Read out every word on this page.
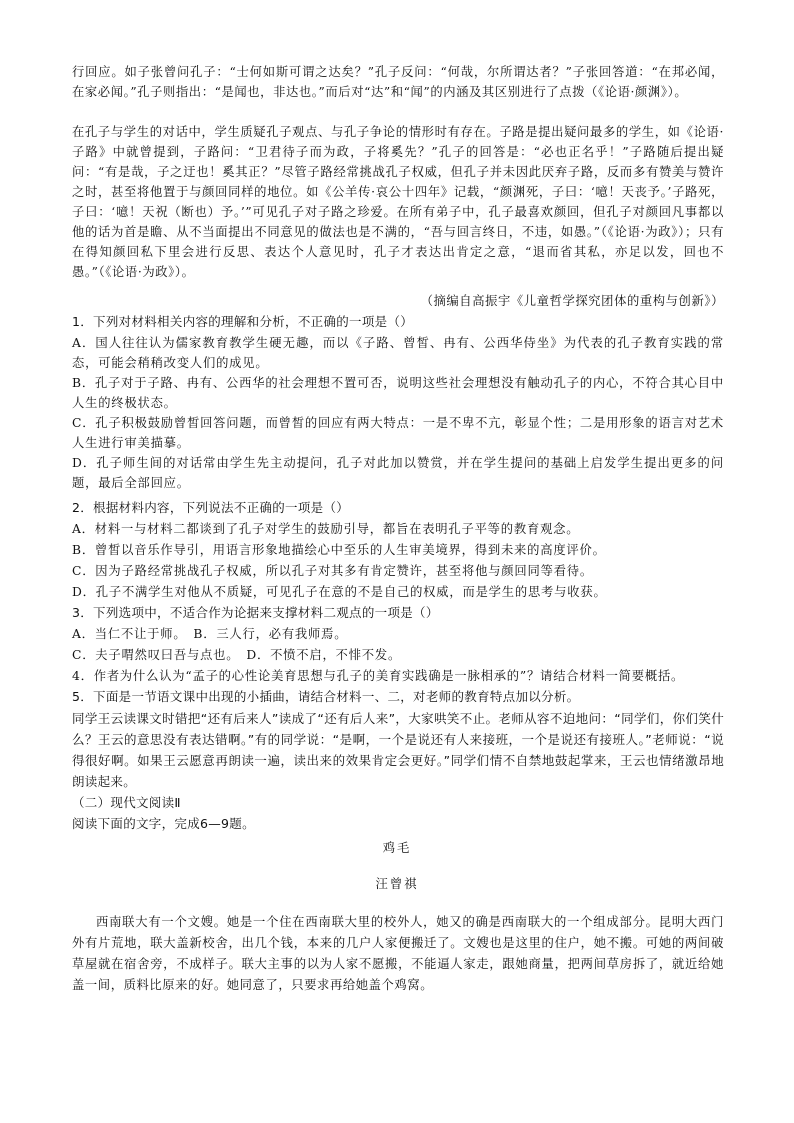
行回应。如子张曾问孔子：“士何如斯可谓之达矣？”孔子反问：“何哉，尔所谓达者？”子张回答道：“在邦必闻，在家必闻。”孔子则指出：“是闻也，非达也。”而后对“达”和“闻”的内涵及其区别进行了点拨（《论语·颜渊》）。
在孔子与学生的对话中，学生质疑孔子观点、与孔子争论的情形时有存在。子路是提出疑问最多的学生，如《论语·子路》中就曾提到，子路问：“卫君待子而为政，子将奚先？”孔子的回答是：“必也正名乎！”子路随后提出疑问：“有是哉，子之迂也！奚其正？”尽管子路经常挑战孔子权威，但孔子并未因此厌弃子路，反而多有赞美与赞许之时，甚至将他置于与颜回同样的地位。如《公羊传·哀公十四年》记载，“颜渊死，子曰：‘噫！天丧予。’子路死，子曰：‘噫！天祝（断也）予。’”可见孔子对子路之珍爱。在所有弟子中，孔子最喜欢颜回，但孔子对颜回凡事都以他的话为首是瞻、从不当面提出不同意见的做法也是不满的，“吾与回言终日，不违，如愚。”（《论语·为政》）；只有在得知颜回私下里会进行反思、表达个人意见时，孔子才表达出肯定之意，“退而省其私，亦足以发，回也不愚。”（《论语·为政》）。
（摘编自高振宇《儿童哲学探究团体的重构与创新》）
1．下列对材料相关内容的理解和分析，不正确的一项是（）
A．国人往往认为儒家教育教学生硬无趣，而以《子路、曾皙、冉有、公西华侍坐》为代表的孔子教育实践的常态，可能会稍稍改变人们的成见。
B．孔子对于子路、冉有、公西华的社会理想不置可否，说明这些社会理想没有触动孔子的内心，不符合其心目中人生的终极状态。
C．孔子积极鼓励曾皙回答问题，而曾皙的回应有两大特点：一是不卑不亢，彰显个性；二是用形象的语言对艺术人生进行审美描摹。
D．孔子师生间的对话常由学生先主动提问，孔子对此加以赞赏，并在学生提问的基础上启发学生提出更多的问题，最后全部回应。
2．根据材料内容，下列说法不正确的一项是（）
A．材料一与材料二都谈到了孔子对学生的鼓励引导，都旨在表明孔子平等的教育观念。
B．曾皙以音乐作导引，用语言形象地描绘心中至乐的人生审美境界，得到未来的高度评价。
C．因为子路经常挑战孔子权威，所以孔子对其多有肯定赞许，甚至将他与颜回同等看待。
D．孔子不满学生对他从不质疑，可见孔子在意的不是自己的权威，而是学生的思考与收获。
3．下列选项中，不适合作为论据来支撑材料二观点的一项是（）
A．当仁不让于师。　B．三人行，必有我师焉。
C．夫子喟然叹曰吾与点也。　D．不愤不启，不悱不发。
4．作者为什么认为“孟子的心性论美育思想与孔子的美育实践确是一脉相承的”？请结合材料一简要概括。
5．下面是一节语文课中出现的小插曲，请结合材料一、二，对老师的教育特点加以分析。
同学王云读课文时错把“还有后来人”读成了“还有后人来”，大家哄笑不止。老师从容不迫地问：“同学们，你们笑什么？王云的意思没有表达错啊。”有的同学说：“是啊，一个是说还有人来接班，一个是说还有接班人。”老师说：“说得很好啊。如果王云愿意再朗读一遍，读出来的效果肯定会更好。”同学们情不自禁地鼓起掌来，王云也情绪激昂地朗读起来。
（二）现代文阅读Ⅱ
阅读下面的文字，完成6—9题。
鸡毛
汪曾祺
西南联大有一个文嫂。她是一个住在西南联大里的校外人，她又的确是西南联大的一个组成部分。昆明大西门外有片荒地，联大盖新校舍，出几个钱，本来的几户人家便搬迁了。文嫂也是这里的住户，她不搬。可她的两间破草屋就在宿舍旁，不成样子。联大主事的以为人家不愿搬，不能逼人家走，跟她商量，把两间草房拆了，就近给她盖一间，质料比原来的好。她同意了，只要求再给她盖个鸡窝。
